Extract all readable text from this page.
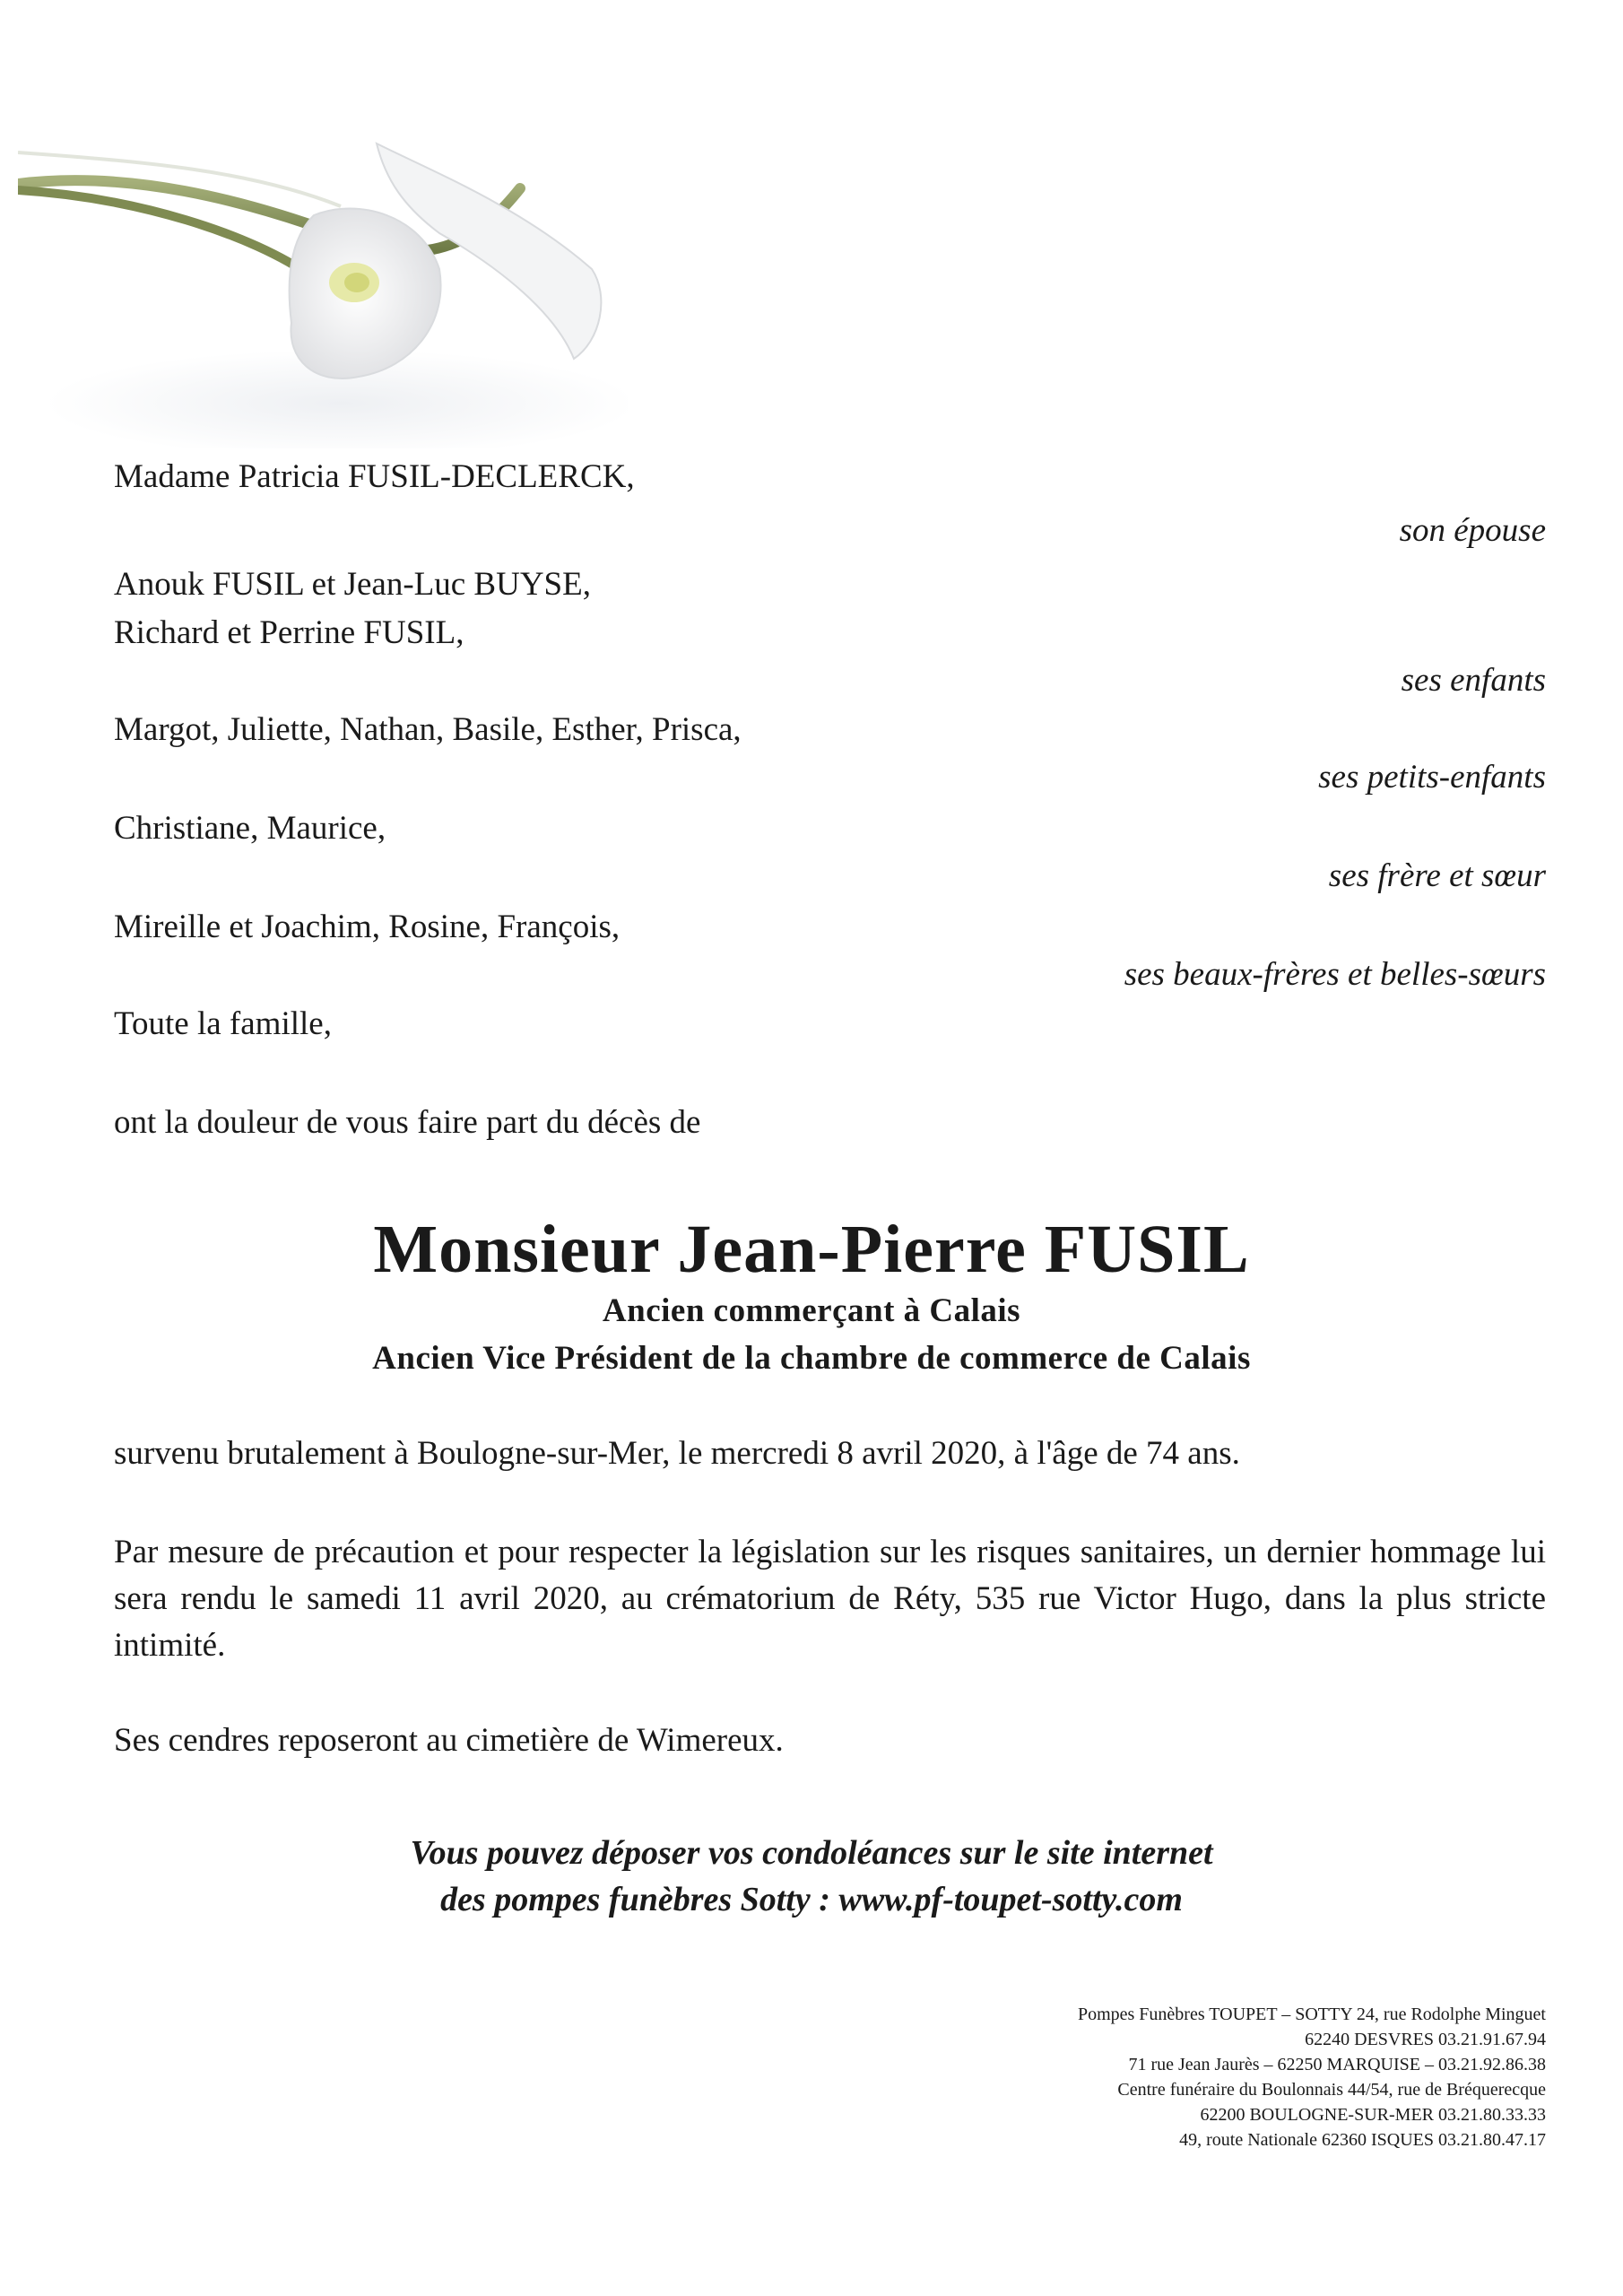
Madame Patricia FUSIL-DECLERCK,
Anouk FUSIL et Jean-Luc BUYSE,
Richard et Perrine FUSIL,
Margot, Juliette, Nathan, Basile, Esther, Prisca,
Christiane, Maurice,
Mireille et Joachim, Rosine, François,
Toute la famille,
son épouse
ses enfants
ses petits-enfants
ses frère et sœur
ses beaux-frères et belles-sœurs
ont la douleur de vous faire part du décès de
Monsieur Jean-Pierre FUSIL
Ancien commerçant à Calais
Ancien Vice Président de la chambre de commerce de Calais
survenu brutalement à Boulogne-sur-Mer, le mercredi 8 avril 2020, à l'âge de 74 ans.
Par mesure de précaution et pour respecter la législation sur les risques sanitaires, un dernier hommage lui sera rendu le samedi 11 avril 2020, au crématorium de Réty, 535 rue Victor Hugo, dans la plus stricte intimité.
Ses cendres reposeront au cimetière de Wimereux.
Vous pouvez déposer vos condoléances sur le site internet
des pompes funèbres Sotty : www.pf-toupet-sotty.com
Pompes Funèbres TOUPET – SOTTY 24, rue Rodolphe Minguet
62240 DESVRES 03.21.91.67.94
71 rue Jean Jaurès – 62250 MARQUISE – 03.21.92.86.38
Centre funéraire du Boulonnais 44/54, rue de Bréquerecque
62200 BOULOGNE-SUR-MER 03.21.80.33.33
49, route Nationale 62360 ISQUES 03.21.80.47.17
